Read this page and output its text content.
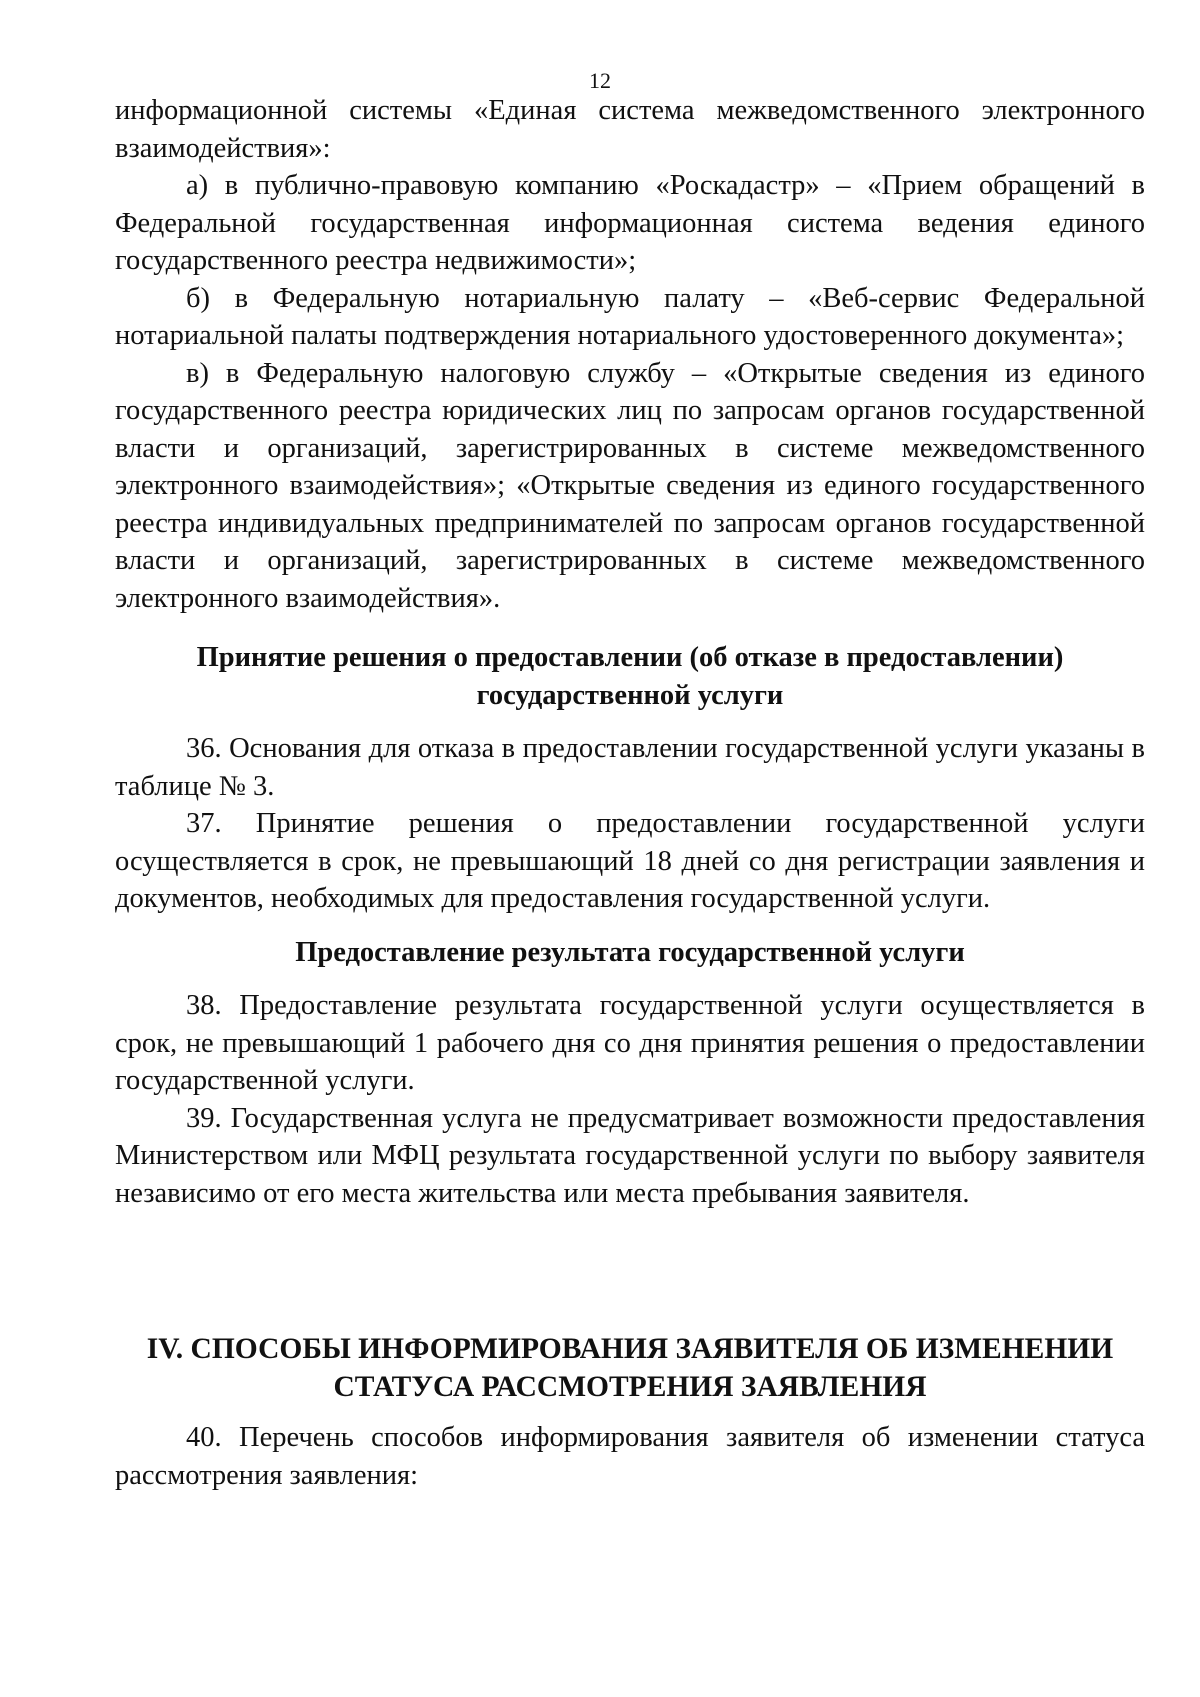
12

информационной системы «Единая система межведомственного электронного взаимодействия»:

а) в публично-правовую компанию «Роскадастр» – «Прием обращений в Федеральной государственная информационная система ведения единого государственного реестра недвижимости»;

б) в Федеральную нотариальную палату – «Веб-сервис Федеральной нотариальной палаты подтверждения нотариального удостоверенного документа»;

в) в Федеральную налоговую службу – «Открытые сведения из единого государственного реестра юридических лиц по запросам органов государственной власти и организаций, зарегистрированных в системе межведомственного электронного взаимодействия»; «Открытые сведения из единого государственного реестра индивидуальных предпринимателей по запросам органов государственной власти и организаций, зарегистрированных в системе межведомственного электронного взаимодействия».

Принятие решения о предоставлении (об отказе в предоставлении)
государственной услуги

36. Основания для отказа в предоставлении государственной услуги указаны в таблице № 3.

37. Принятие решения о предоставлении государственной услуги осуществляется в срок, не превышающий 18 дней со дня регистрации заявления и документов, необходимых для предоставления государственной услуги.

Предоставление результата государственной услуги

38. Предоставление результата государственной услуги осуществляется в срок, не превышающий 1 рабочего дня со дня принятия решения о предоставлении государственной услуги.

39. Государственная услуга не предусматривает возможности предоставления Министерством или МФЦ результата государственной услуги по выбору заявителя независимо от его места жительства или места пребывания заявителя.

IV. СПОСОБЫ ИНФОРМИРОВАНИЯ ЗАЯВИТЕЛЯ ОБ ИЗМЕНЕНИИ
СТАТУСА РАССМОТРЕНИЯ ЗАЯВЛЕНИЯ

40. Перечень способов информирования заявителя об изменении статуса рассмотрения заявления:
